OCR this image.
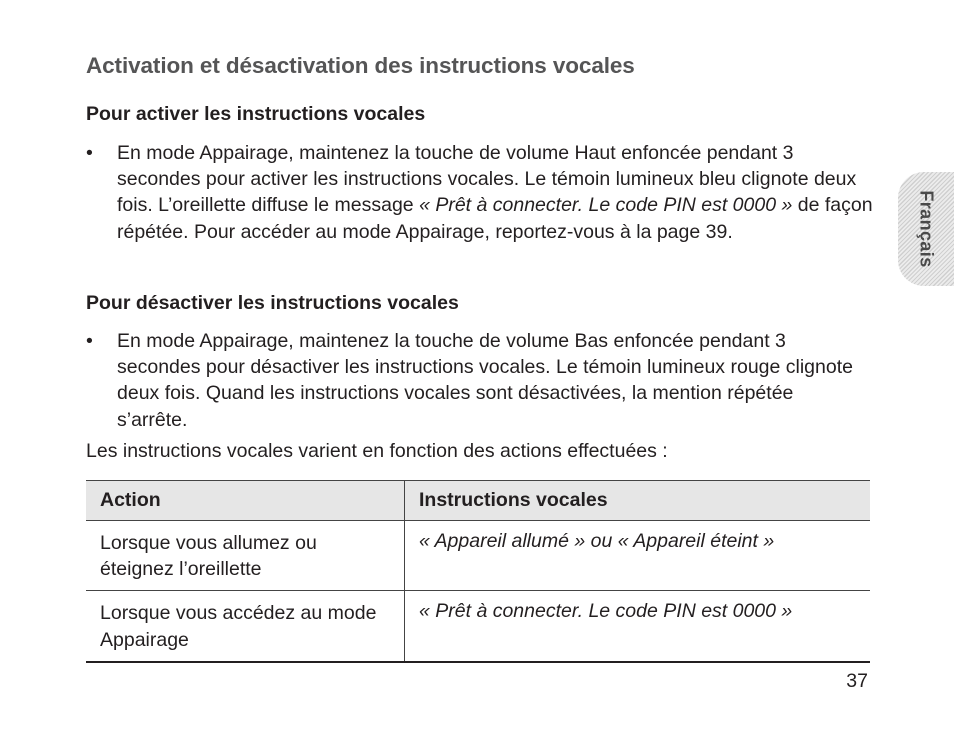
Activation et désactivation des instructions vocales
Pour activer les instructions vocales
• En mode Appairage, maintenez la touche de volume Haut enfoncée pendant 3 secondes pour activer les instructions vocales. Le témoin lumineux bleu clignote deux fois. L’oreillette diffuse le message « Prêt à connecter. Le code PIN est 0000 » de façon répétée. Pour accéder au mode Appairage, reportez-vous à la page 39.
Pour désactiver les instructions vocales
• En mode Appairage, maintenez la touche de volume Bas enfoncée pendant 3 secondes pour désactiver les instructions vocales. Le témoin lumineux rouge clignote deux fois. Quand les instructions vocales sont désactivées, la mention répétée s’arrête.
Les instructions vocales varient en fonction des actions effectuées :
Action	Instructions vocales
Lorsque vous allumez ou éteignez l’oreillette	« Appareil allumé » ou « Appareil éteint »
Lorsque vous accédez au mode Appairage	« Prêt à connecter. Le code PIN est 0000 »
37
Français
